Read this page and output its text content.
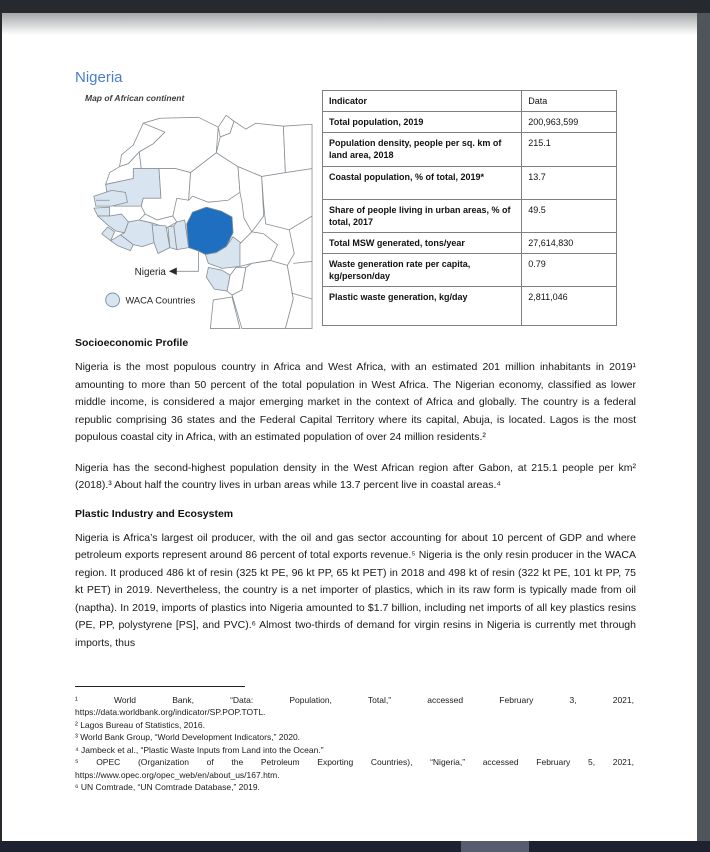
Nigeria
Map of African continent
Nigeria
WACA Countries
Indicator	Data
Total population, 2019	200,963,599
Population density, people per sq. km of land area, 2018	215.1
Coastal population, % of total, 2019*	13.7
Share of people living in urban areas, % of total, 2017	49.5
Total MSW generated, tons/year	27,614,830
Waste generation rate per capita, kg/person/day	0.79
Plastic waste generation, kg/day	2,811,046
Socioeconomic Profile

Nigeria is the most populous country in Africa and West Africa, with an estimated 201 million inhabitants in 2019¹ amounting to more than 50 percent of the total population in West Africa. The Nigerian economy, classified as lower middle income, is considered a major emerging market in the context of Africa and globally. The country is a federal republic comprising 36 states and the Federal Capital Territory where its capital, Abuja, is located. Lagos is the most populous coastal city in Africa, with an estimated population of over 24 million residents.²

Nigeria has the second-highest population density in the West African region after Gabon, at 215.1 people per km² (2018).³ About half the country lives in urban areas while 13.7 percent live in coastal areas.⁴

Plastic Industry and Ecosystem

Nigeria is Africa’s largest oil producer, with the oil and gas sector accounting for about 10 percent of GDP and where petroleum exports represent around 86 percent of total exports revenue.⁵ Nigeria is the only resin producer in the WACA region. It produced 486 kt of resin (325 kt PE, 96 kt PP, 65 kt PET) in 2018 and 498 kt of resin (322 kt PE, 101 kt PP, 75 kt PET) in 2019. Nevertheless, the country is a net importer of plastics, which in its raw form is typically made from oil (naptha). In 2019, imports of plastics into Nigeria amounted to $1.7 billion, including net imports of all key plastics resins (PE, PP, polystyrene [PS], and PVC).⁶ Almost two-thirds of demand for virgin resins in Nigeria is currently met through imports, thus

¹ World Bank, “Data: Population, Total,” accessed February 3, 2021,
https://data.worldbank.org/indicator/SP.POP.TOTL.
² Lagos Bureau of Statistics, 2016.
³ World Bank Group, “World Development Indicators,” 2020.
⁴ Jambeck et al., “Plastic Waste Inputs from Land into the Ocean.”
⁵ OPEC (Organization of the Petroleum Exporting Countries), “Nigeria,” accessed February 5, 2021,
https://www.opec.org/opec_web/en/about_us/167.htm.
⁶ UN Comtrade, “UN Comtrade Database,” 2019.
